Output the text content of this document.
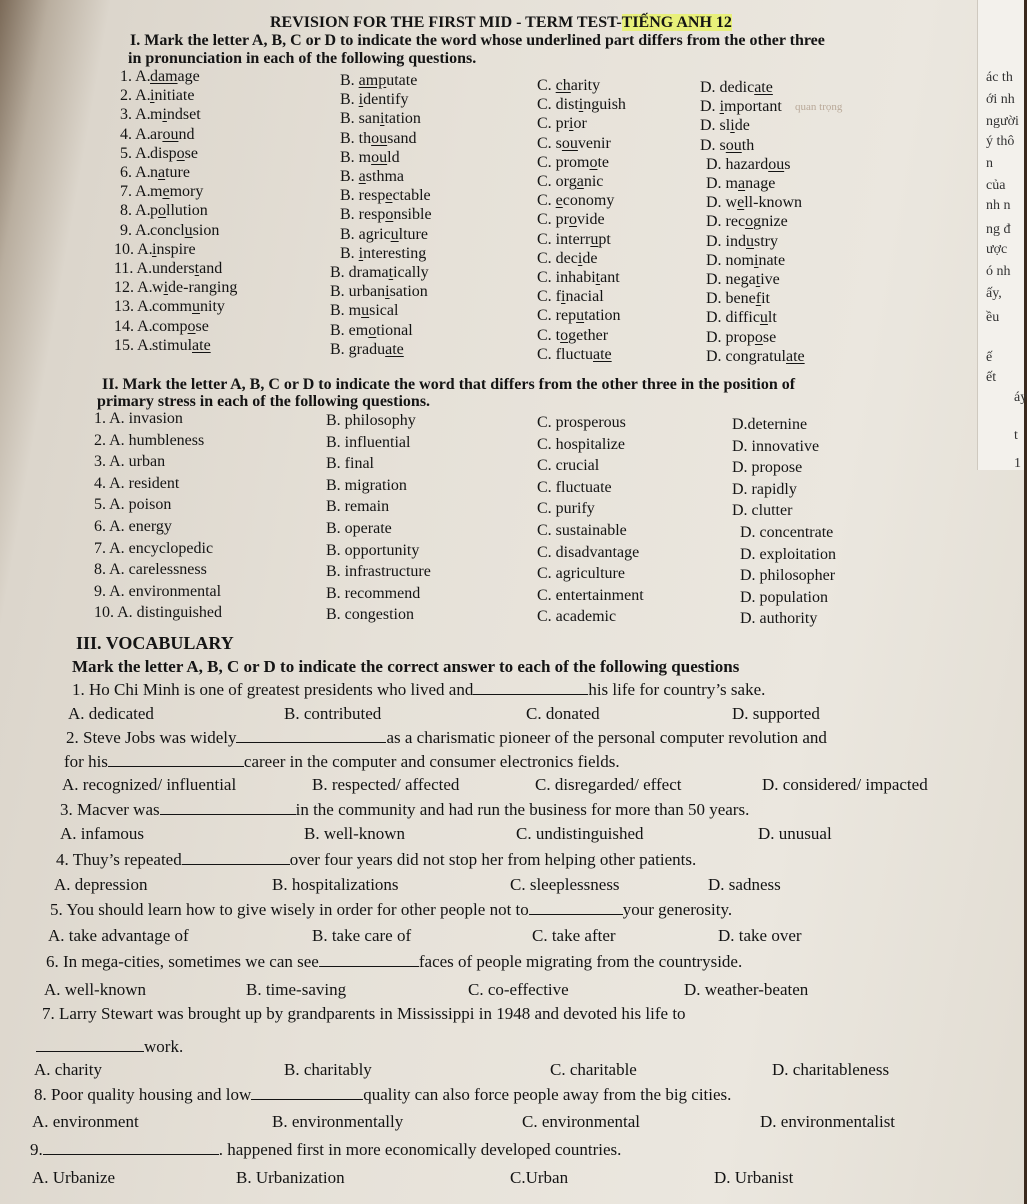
REVISION FOR THE FIRST MID - TERM TEST-TIẾNG ANH 12
I. Mark the letter A, B, C or D to indicate the word whose underlined part differs from the other three
in pronunciation in each of the following questions.
1. A. damage	B. amputate	C. charity	D. dedicate
2. A. initiate	B. identify	C. distinguish	D. important
3. A. mindset	B. sanitation	C. prior	D. slide
4. A. around	B. thousand	C. souvenir	D. south
5. A. dispose	B. mould	C. promote	D. hazardous
6. A. nature	B. asthma	C. organic	D. manage
7. A. memory	B. respectable	C. economy	D. well-known
8. A. pollution	B. responsible	C. provide	D. recognize
9. A. conclusion	B. agriculture	C. interrupt	D. industry
10. A. inspire	B. interesting	C. decide	D. nominate
11. A. understand	B. dramatically	C. inhabitant	D. negative
12. A. wide-ranging	B. urbanisation	C. finacial	D. benefit
13. A. community	B. musical	C. reputation	D. difficult
14. A. compose	B. emotional	C. together	D. propose
15. A. stimulate	B. graduate	C. fluctuate	D. congratulate
quan trọng
II. Mark the letter A, B, C or D to indicate the word that differs from the other three in the position of
primary stress in each of the following questions.
1. A. invasion	B. philosophy	C. prosperous	D.deternine
2. A. humbleness	B. influential	C. hospitalize	D. innovative
3. A. urban	B. final	C. crucial	D. propose
4. A. resident	B. migration	C. fluctuate	D. rapidly
5. A. poison	B. remain	C. purify	D. clutter
6. A. energy	B. operate	C. sustainable	D. concentrate
7. A. encyclopedic	B. opportunity	C. disadvantage	D. exploitation
8. A. carelessness	B. infrastructure	C. agriculture	D. philosopher
9. A. environmental	B. recommend	C. entertainment	D. population
10. A. distinguished	B. congestion	C. academic	D. authority
III. VOCABULARY
Mark the letter A, B, C or D to indicate the correct answer to each of the following questions
1. Ho Chi Minh is one of greatest presidents who lived and	his life for country’s sake.
A. dedicated	B. contributed	C. donated	D. supported
2. Steve Jobs was widely	as a charismatic pioneer of the personal computer revolution and
for his	career in the computer and consumer electronics fields.
A. recognized/ influential	B. respected/ affected	C. disregarded/ effect	D. considered/ impacted
3. Macver was	in the community and had run the business for more than 50 years.
A. infamous	B. well-known	C. undistinguished	D. unusual
4. Thuy’s repeated	over four years did not stop her from helping other patients.
A. depression	B. hospitalizations	C. sleeplessness	D. sadness
5. You should learn how to give wisely in order for other people not to	your generosity.
A. take advantage of	B. take care of	C. take after	D. take over
6. In mega-cities, sometimes we can see	faces of people migrating from the countryside.
A. well-known	B. time-saving	C. co-effective	D. weather-beaten
7. Larry Stewart was brought up by grandparents in Mississippi in 1948 and devoted his life to
work.
A. charity	B. charitably	C. charitable	D. charitableness
8. Poor quality housing and low	quality can also force people away from the big cities.
A. environment	B. environmentally	C. environmental	D. environmentalist
9.	. happened first in more economically developed countries.
A. Urbanize	B. Urbanization	C.Urban	D. Urbanist
ác th
ới nh
người
ý thô
n
của
nh n
ng đ
ược
ó nh
ấy,
ều
ế
ết
áy
t
1
